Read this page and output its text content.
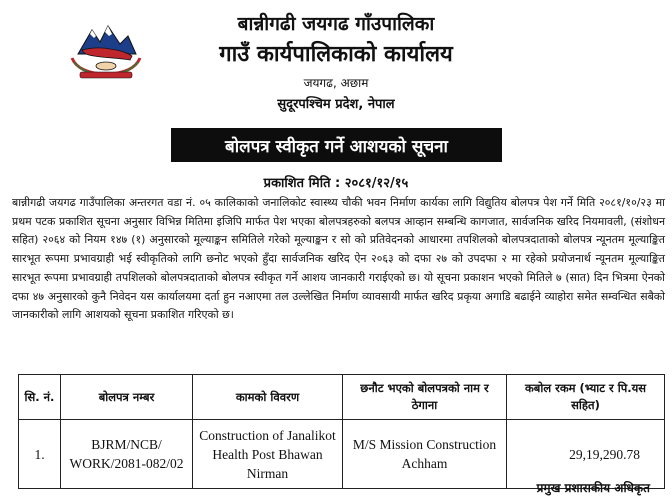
बान्नीगढी जयगढ गाँउपालिका
गाउँ कार्यपालिकाको कार्यालय
जयगढ, अछाम
सुदूरपश्चिम प्रदेश, नेपाल
बोलपत्र स्वीकृत गर्ने आशयको सूचना
प्रकाशित मिति : २०८१/१२/१५

बान्नीगढी जयगढ गाउँपालिका अन्तरगत वडा नं. ०५ कालिकाको जनालिकोट स्वास्थ्य चौकी भवन निर्माण कार्यका लागि विद्युतिय बोलपत्र पेश गर्ने मिति २०८१/१०/२३ मा प्रथम पटक प्रकाशित सूचना अनुसार विभिन्न मितिमा इजिपि मार्फत पेश भएका बोलपत्रहरुको बलपत्र आव्हान सम्बन्धि कागजात, सार्वजनिक खरिद नियमावली, (संशोधन सहित) २०६४ को नियम १४७ (१) अनुसारको मूल्याङ्कन समितिले गरेको मूल्याङ्कन र सो को प्रतिवेदनको आधारमा तपशिलको बोलपत्रदाताको बोलपत्र न्यूनतम मूल्याङ्कित सारभूत रूपमा प्रभावग्राही भई स्वीकृतिको लागि छनोट भएको हुँदा सार्वजनिक खरिद ऐन २०६३ को दफा २७ को उपदफा २ मा रहेको प्रयोजनार्थ न्यूनतम मूल्याङ्कित सारभूत रूपमा प्रभावग्राही तपशिलको बोलपत्रदाताको बोलपत्र स्वीकृत गर्ने आशय जानकारी गराईएको छ। यो सूचना प्रकाशन भएको मितिले ७ (सात) दिन भित्रमा ऐनको दफा ४७ अनुसारको कुनै निवेदन यस कार्यालयमा दर्ता हुन नआएमा तल उल्लेखित निर्माण व्यावसायी मार्फत खरिद प्रकृया अगाडि बढाईने व्याहोरा समेत सम्वन्धित सबैको जानकारीको लागि आशयको सूचना प्रकाशित गरिएको छ।

सि. नं.	बोलपत्र नम्बर	कामको विवरण	छनौट भएको बोलपत्रको नाम र ठेगाना	कबोल रकम (भ्याट र पि.यस सहित)
1.	BJRM/NCB/ WORK/2081-082/02	Construction of Janalikot Health Post Bhawan Nirman	M/S Mission Construction Achham	29,19,290.78
प्रमुख प्रशासकीय अधिकृत
